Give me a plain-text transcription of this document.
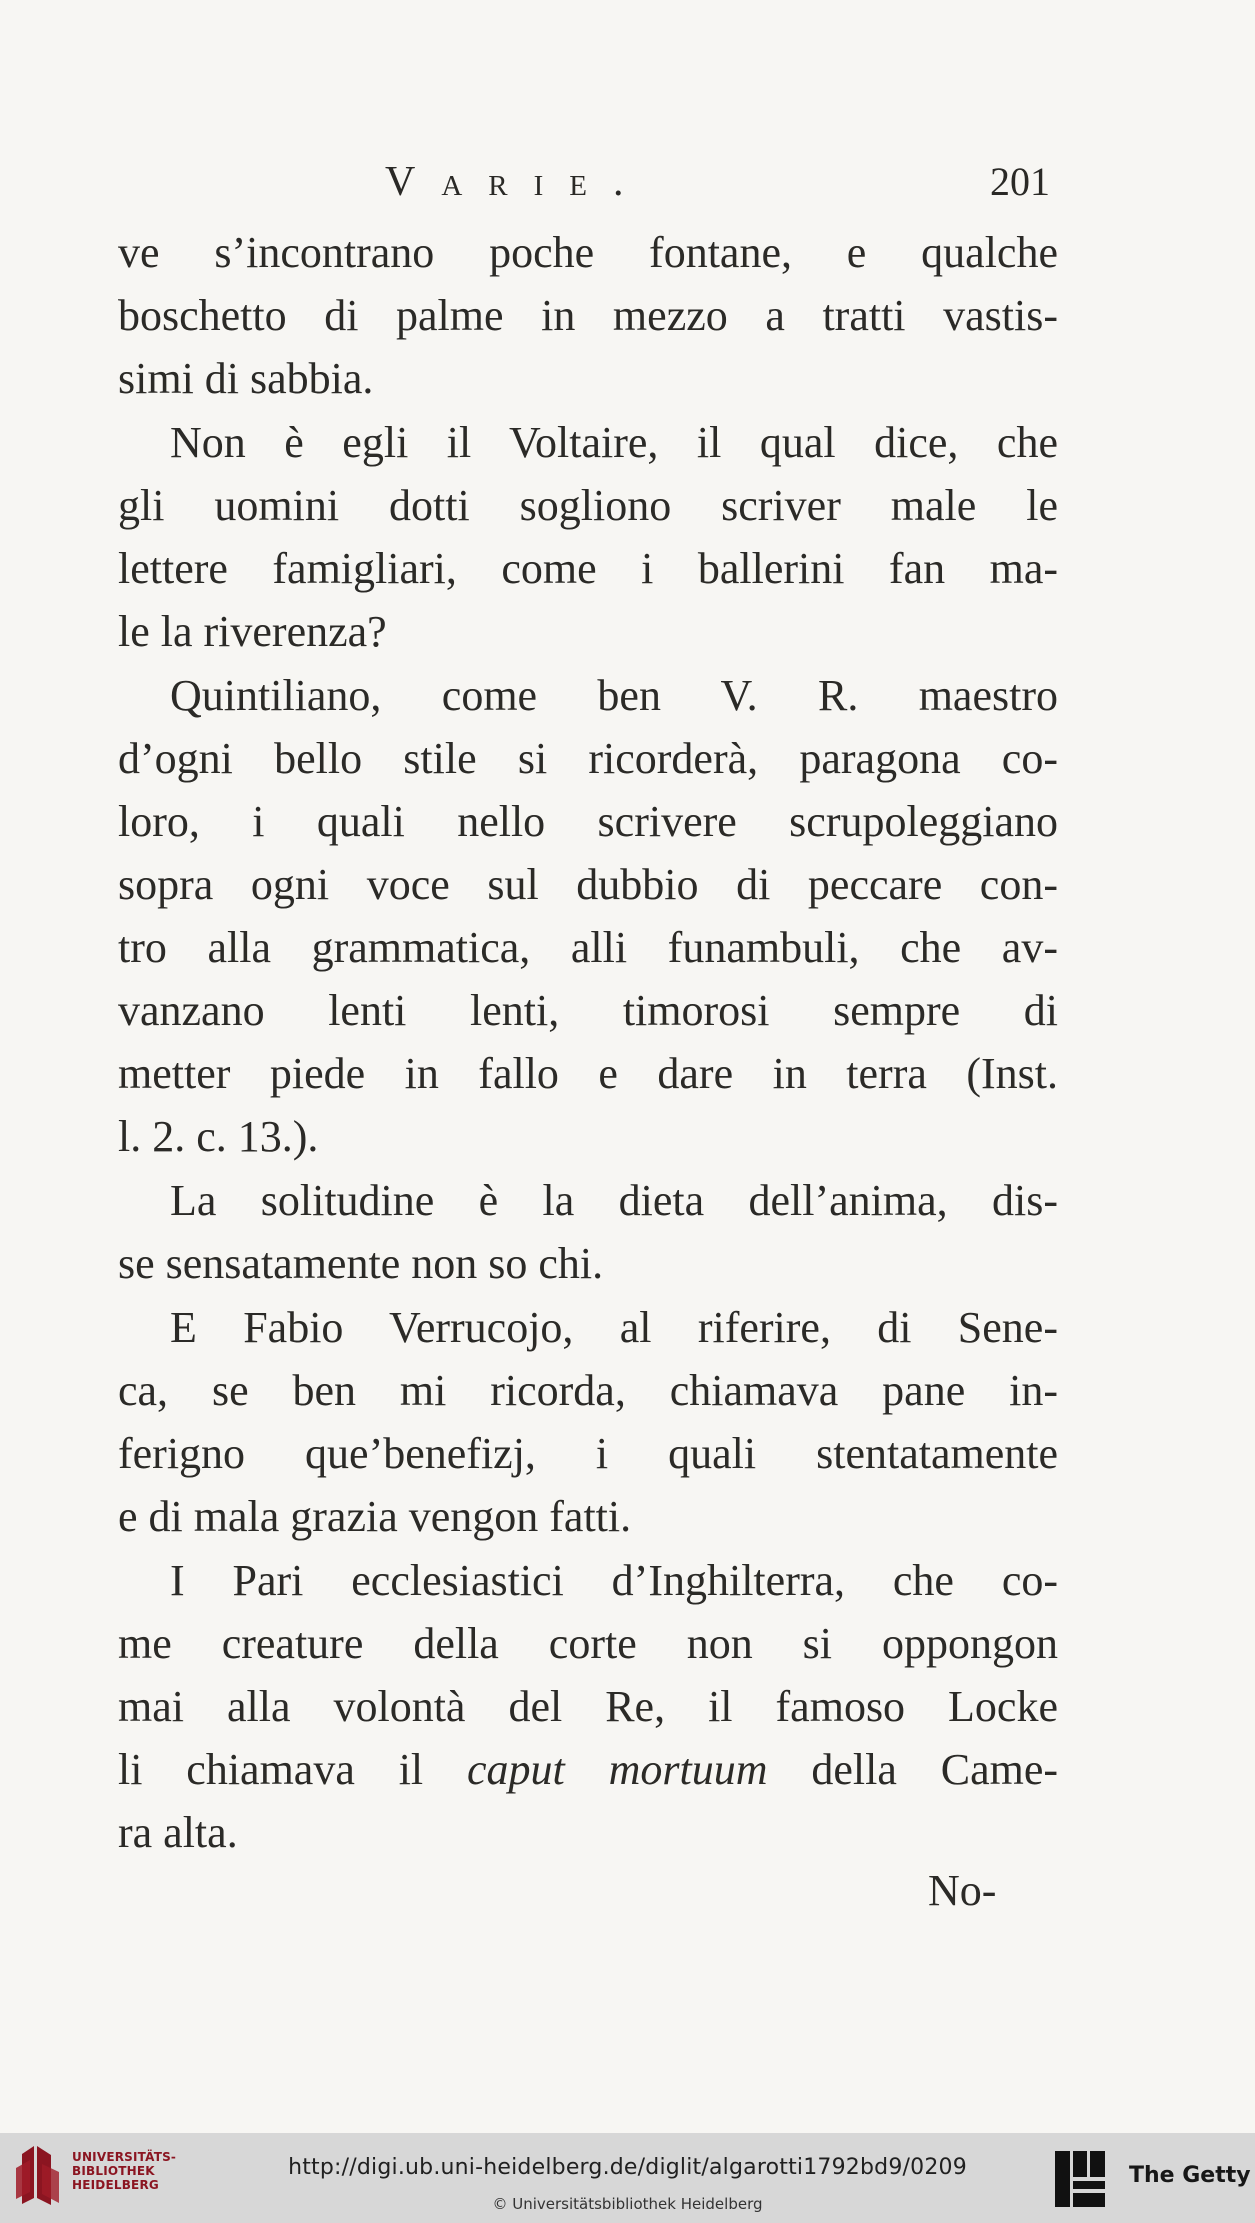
Varie.	201
ve s’incontrano poche fontane, e qualche
boschetto di palme in mezzo a tratti vastis-
simi di sabbia.
Non è egli il Voltaire, il qual dice, che
gli uomini dotti sogliono scriver male le
lettere famigliari, come i ballerini fan ma-
le la riverenza?
Quintiliano, come ben V. R. maestro
d’ogni bello stile si ricorderà, paragona co-
loro, i quali nello scrivere scrupoleggiano
sopra ogni voce sul dubbio di peccare con-
tro alla grammatica, alli funambuli, che av-
vanzano lenti lenti, timorosi sempre di
metter piede in fallo e dare in terra (Inst.
l. 2. c. 13.).
La solitudine è la dieta dell’anima, dis-
se sensatamente non so chi.
E Fabio Verrucojo, al riferire, di Sene-
ca, se ben mi ricorda, chiamava pane in-
ferigno que’benefizj, i quali stentatamente
e di mala grazia vengon fatti.
I Pari ecclesiastici d’Inghilterra, che co-
me creature della corte non si oppongon
mai alla volontà del Re, il famoso Locke
li chiamava il caput mortuum della Came-
ra alta.
No-
UNIVERSITÄTS-
BIBLIOTHEK
HEIDELBERG
http://digi.ub.uni-heidelberg.de/diglit/algarotti1792bd9/0209
© Universitätsbibliothek Heidelberg
The Getty
